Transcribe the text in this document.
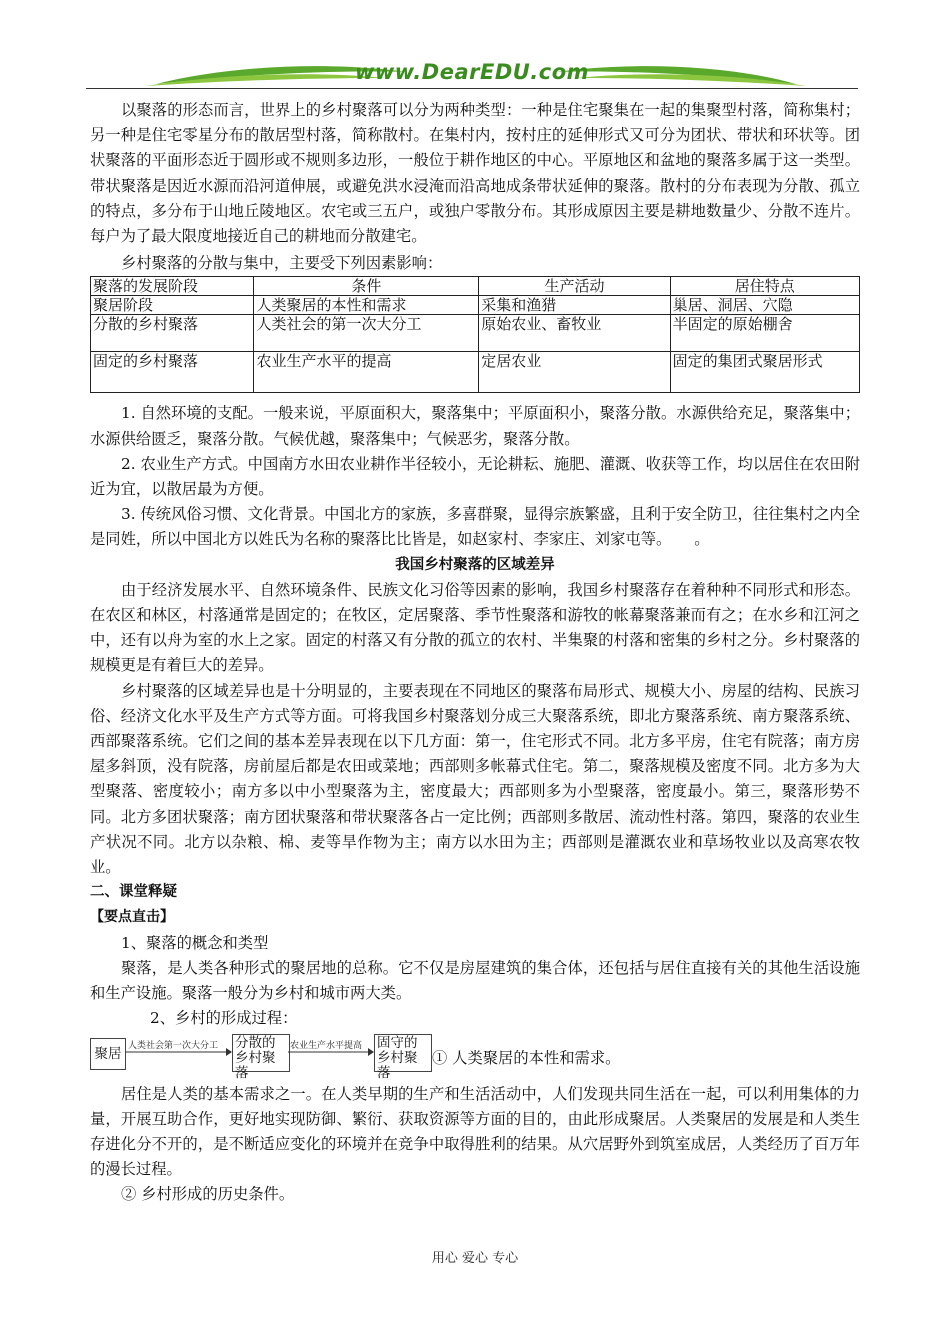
www.DearEDU.com

以聚落的形态而言，世界上的乡村聚落可以分为两种类型：一种是住宅聚集在一起的集聚型村落，简称集村；另一种是住宅零星分布的散居型村落，简称散村。在集村内，按村庄的延伸形式又可分为团状、带状和环状等。团状聚落的平面形态近于圆形或不规则多边形，一般位于耕作地区的中心。平原地区和盆地的聚落多属于这一类型。带状聚落是因近水源而沿河道伸展，或避免洪水浸淹而沿高地成条带状延伸的聚落。散村的分布表现为分散、孤立的特点，多分布于山地丘陵地区。农宅或三五户，或独户零散分布。其形成原因主要是耕地数量少、分散不连片。每户为了最大限度地接近自己的耕地而分散建宅。

乡村聚落的分散与集中，主要受下列因素影响：

聚落的发展阶段	条件	生产活动	居住特点
聚居阶段	人类聚居的本性和需求	采集和渔猎	巢居、洞居、穴隐
分散的乡村聚落	人类社会的第一次大分工	原始农业、畜牧业	半固定的原始棚舍
固定的乡村聚落	农业生产水平的提高	定居农业	固定的集团式聚居形式

1. 自然环境的支配。一般来说，平原面积大，聚落集中；平原面积小，聚落分散。水源供给充足，聚落集中；水源供给匮乏，聚落分散。气候优越，聚落集中；气候恶劣，聚落分散。

2. 农业生产方式。中国南方水田农业耕作半径较小，无论耕耘、施肥、灌溉、收获等工作，均以居住在农田附近为宜，以散居最为方便。

3. 传统风俗习惯、文化背景。中国北方的家族，多喜群聚，显得宗族繁盛，且利于安全防卫，往往集村之内全是同姓，所以中国北方以姓氏为名称的聚落比比皆是，如赵家村、李家庄、刘家屯等。　　。

我国乡村聚落的区域差异

由于经济发展水平、自然环境条件、民族文化习俗等因素的影响，我国乡村聚落存在着种种不同形式和形态。在农区和林区，村落通常是固定的；在牧区，定居聚落、季节性聚落和游牧的帐幕聚落兼而有之；在水乡和江河之中，还有以舟为室的水上之家。固定的村落又有分散的孤立的农村、半集聚的村落和密集的乡村之分。乡村聚落的规模更是有着巨大的差异。

乡村聚落的区域差异也是十分明显的，主要表现在不同地区的聚落布局形式、规模大小、房屋的结构、民族习俗、经济文化水平及生产方式等方面。可将我国乡村聚落划分成三大聚落系统，即北方聚落系统、南方聚落系统、西部聚落系统。它们之间的基本差异表现在以下几方面：第一，住宅形式不同。北方多平房，住宅有院落；南方房屋多斜顶，没有院落，房前屋后都是农田或菜地；西部则多帐幕式住宅。第二，聚落规模及密度不同。北方多为大型聚落、密度较小；南方多以中小型聚落为主，密度最大；西部则多为小型聚落，密度最小。第三，聚落形势不同。北方多团状聚落；南方团状聚落和带状聚落各占一定比例；西部则多散居、流动性村落。第四，聚落的农业生产状况不同。北方以杂粮、棉、麦等旱作物为主；南方以水田为主；西部则是灌溉农业和草场牧业以及高寒农牧业。

二、课堂释疑

【要点直击】

1、聚落的概念和类型

聚落，是人类各种形式的聚居地的总称。它不仅是房屋建筑的集合体，还包括与居住直接有关的其他生活设施和生产设施。聚落一般分为乡村和城市两大类。

2、乡村的形成过程：

聚居 人类社会第一次大分工 分散的乡村聚落
农业生产水平提高 固守的乡村聚落
① 人类聚居的本性和需求。

居住是人类的基本需求之一。在人类早期的生产和生活活动中，人们发现共同生活在一起，可以利用集体的力量，开展互助合作，更好地实现防御、繁衍、获取资源等方面的目的，由此形成聚居。人类聚居的发展是和人类生存进化分不开的，是不断适应变化的环境并在竞争中取得胜利的结果。从穴居野外到筑室成居，人类经历了百万年的漫长过程。

② 乡村形成的历史条件。

用心 爱心 专心
